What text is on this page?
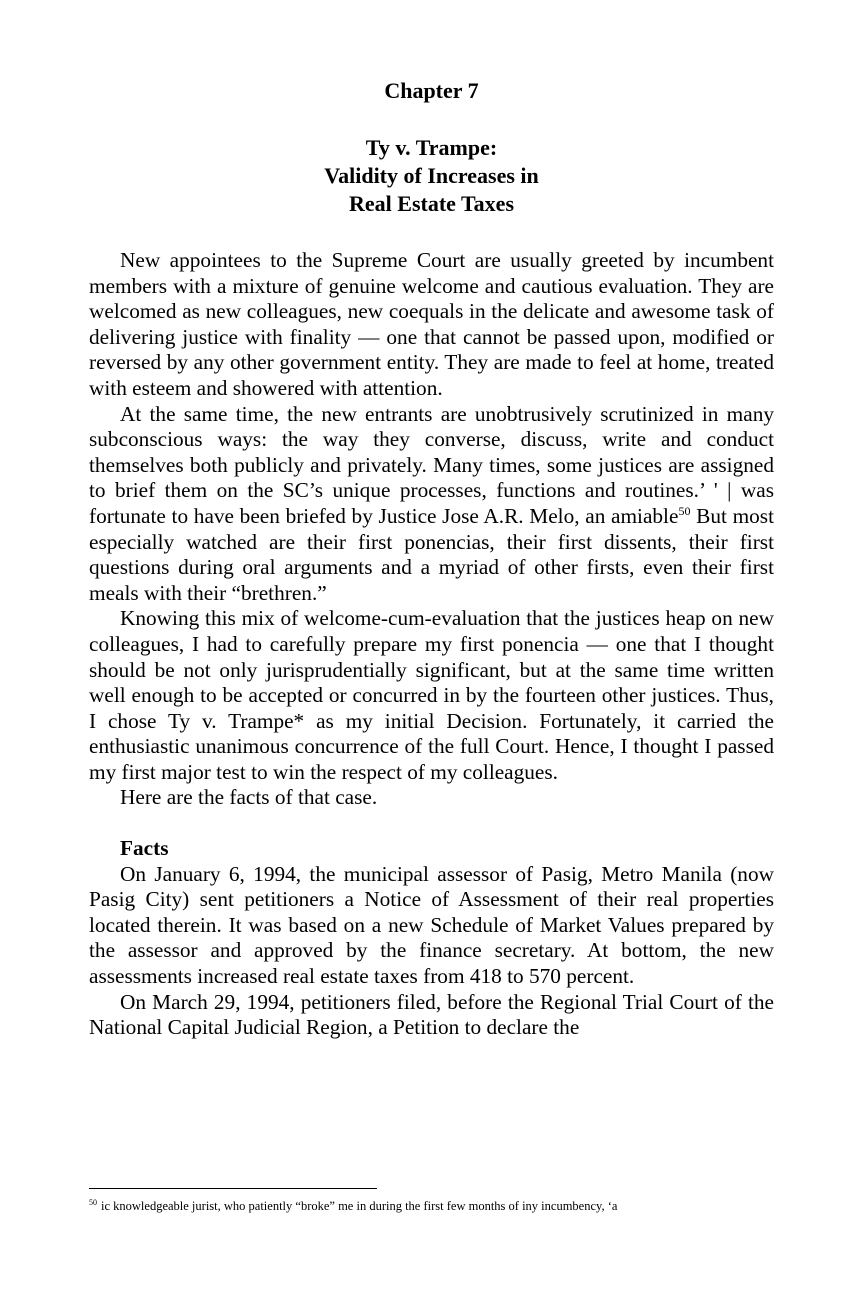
Chapter 7
Ty v. Trampe:
Validity of Increases in
Real Estate Taxes

New appointees to the Supreme Court are usually greeted by incumbent members with a mixture of genuine welcome and cautious evaluation. They are welcomed as new colleagues, new coequals in the delicate and awesome task of delivering justice with finality — one that cannot be passed upon, modified or reversed by any other government entity. They are made to feel at home, treated with esteem and showered with attention.

At the same time, the new entrants are unobtrusively scrutinized in many subconscious ways: the way they converse, discuss, write and conduct themselves both publicly and privately. Many times, some justices are assigned to brief them on the SC’s unique processes, functions and routines.’ ' | was fortunate to have been briefed by Justice Jose A.R. Melo, an amiable$^{50}$ But most especially watched are their first ponencias, their first dissents, their first questions during oral arguments and a myriad of other firsts, even their first meals with their “brethren.”

Knowing this mix of welcome-cum-evaluation that the justices heap on new colleagues, I had to carefully prepare my first ponencia — one that I thought should be not only jurisprudentially significant, but at the same time written well enough to be accepted or concurred in by the fourteen other justices. Thus, I chose Ty v. Trampe* as my initial Decision. Fortunately, it carried the enthusiastic unanimous concurrence of the full Court. Hence, I thought I passed my first major test to win the respect of my colleagues.

Here are the facts of that case.

Facts

On January 6, 1994, the municipal assessor of Pasig, Metro Manila (now Pasig City) sent petitioners a Notice of Assessment of their real properties located therein. It was based on a new Schedule of Market Values prepared by the assessor and approved by the finance secretary. At bottom, the new assessments increased real estate taxes from 418 to 570 percent.

On March 29, 1994, petitioners filed, before the Regional Trial Court of the National Capital Judicial Region, a Petition to declare the

$^{50}$ ic knowledgeable jurist, who patiently “broke” me in during the first few months of iny incumbency, ‘a
